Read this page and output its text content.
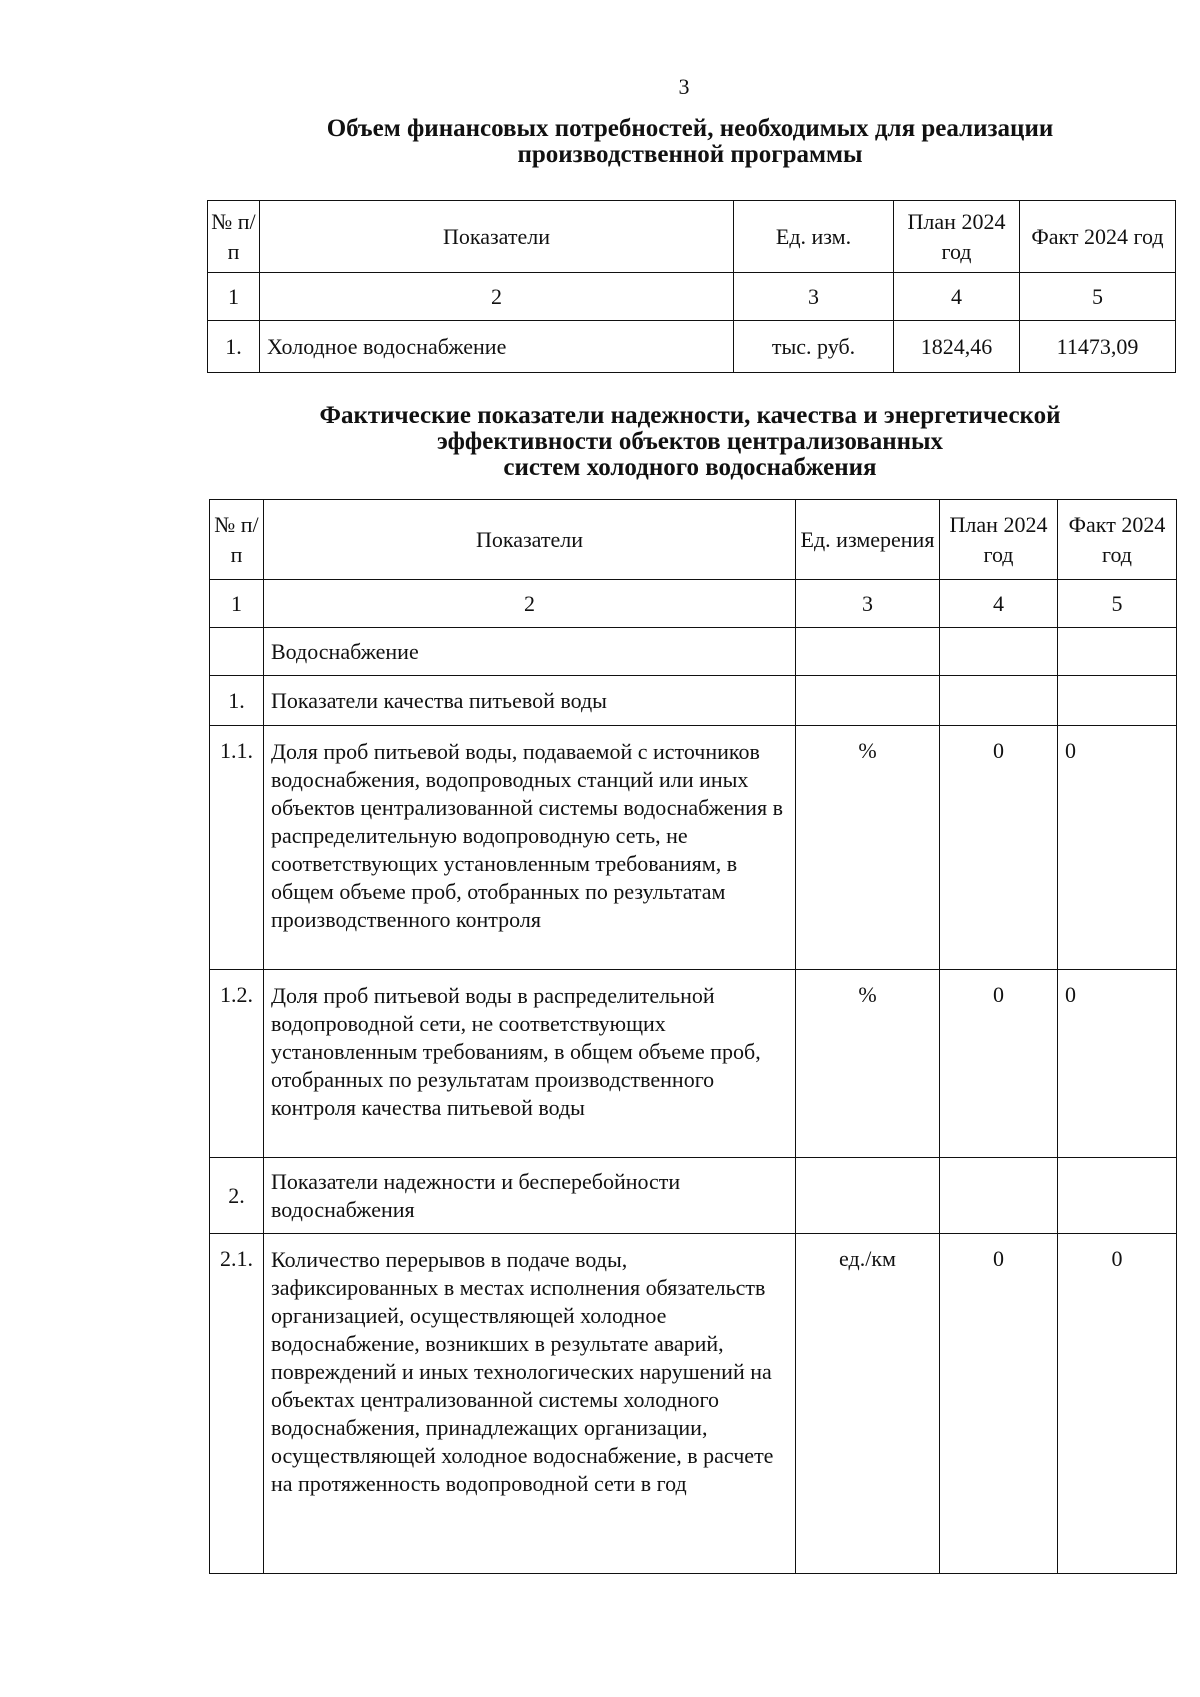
3
Объем финансовых потребностей, необходимых для реализации
производственной программы
№ п/п	Показатели	Ед. изм.	План 2024 год	Факт 2024 год
1	2	3	4	5
1.	Холодное водоснабжение	тыс. руб.	1824,46	11473,09
Фактические показатели надежности, качества и энергетической
эффективности объектов централизованных
систем холодного водоснабжения
№ п/п	Показатели	Ед. измерения	План 2024 год	Факт 2024 год
1	2	3	4	5
	Водоснабжение			
1.	Показатели качества питьевой воды			
1.1.	Доля проб питьевой воды, подаваемой с источников водоснабжения, водопроводных станций или иных объектов централизованной системы водоснабжения в распределительную водопроводную сеть, не соответствующих установленным требованиям, в общем объеме проб, отобранных по результатам производственного контроля	%	0	0
1.2.	Доля проб питьевой воды в распределительной водопроводной сети, не соответствующих установленным требованиям, в общем объеме проб, отобранных по результатам производственного контроля качества питьевой воды	%	0	0
2.	Показатели надежности и бесперебойности водоснабжения			
2.1.	Количество перерывов в подаче воды, зафиксированных в местах исполнения обязательств организацией, осуществляющей холодное водоснабжение, возникших в результате аварий, повреждений и иных технологических нарушений на объектах централизованной системы холодного водоснабжения, принадлежащих организации, осуществляющей холодное водоснабжение, в расчете на протяженность водопроводной сети в год	ед./км	0	0
